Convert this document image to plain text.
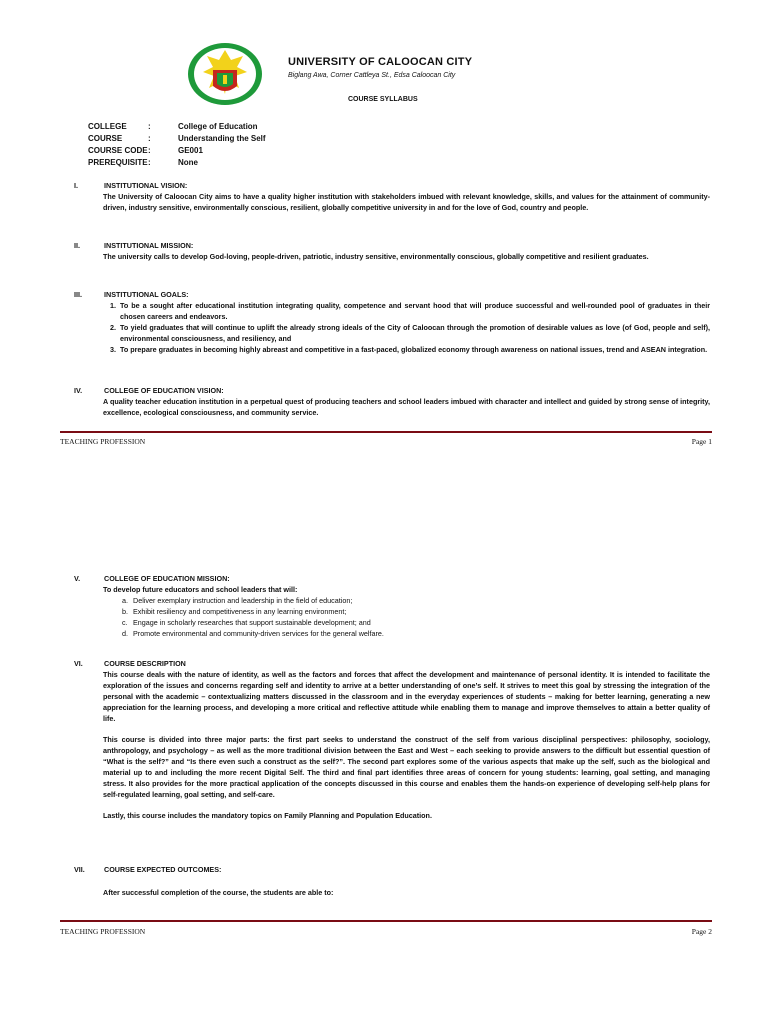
UNIVERSITY OF CALOOCAN CITY
Biglang Awa, Corner Cattleya St., Edsa Caloocan City
COURSE SYLLABUS
COLLEGE	:	College of Education
COURSE	:	Understanding the Self
COURSE CODE :	GE001
PREREQUISITE :	None
I.	INSTITUTIONAL VISION:
The University of Caloocan City aims to have a quality higher institution with stakeholders imbued with relevant knowledge, skills, and values for the attainment of community-driven, industry sensitive, environmentally conscious, resilient, globally competitive university in and for the love of God, country and people.
II.	INSTITUTIONAL MISSION:
The university calls to develop God-loving, people-driven, patriotic, industry sensitive, environmentally conscious, globally competitive and resilient graduates.
III.	INSTITUTIONAL GOALS:
1. To be a sought after educational institution integrating quality, competence and servant hood that will produce successful and well-rounded pool of graduates in their chosen careers and endeavors.
2. To yield graduates that will continue to uplift the already strong ideals of the City of Caloocan through the promotion of desirable values as love (of God, people and self), environmental consciousness, and resiliency, and
3. To prepare graduates in becoming highly abreast and competitive in a fast-paced, globalized economy through awareness on national issues, trend and ASEAN integration.
IV.	COLLEGE OF EDUCATION VISION:
A quality teacher education institution in a perpetual quest of producing teachers and school leaders imbued with character and intellect and guided by strong sense of integrity, excellence, ecological consciousness, and community service.
TEACHING PROFESSION	Page 1
V.	COLLEGE OF EDUCATION MISSION:
To develop future educators and school leaders that will:
a. Deliver exemplary instruction and leadership in the field of education;
b. Exhibit resiliency and competitiveness in any learning environment;
c. Engage in scholarly researches that support sustainable development; and
d. Promote environmental and community-driven services for the general welfare.
VI.	COURSE DESCRIPTION
This course deals with the nature of identity, as well as the factors and forces that affect the development and maintenance of personal identity. It is intended to facilitate the exploration of the issues and concerns regarding self and identity to arrive at a better understanding of one’s self. It strives to meet this goal by stressing the integration of the personal with the academic – contextualizing matters discussed in the classroom and in the everyday experiences of students – making for better learning, generating a new appreciation for the learning process, and developing a more critical and reflective attitude while enabling them to manage and improve themselves to attain a better quality of life.
This course is divided into three major parts: the first part seeks to understand the construct of the self from various disciplinal perspectives: philosophy, sociology, anthropology, and psychology – as well as the more traditional division between the East and West – each seeking to provide answers to the difficult but essential question of “What is the self?” and “Is there even such a construct as the self?”. The second part explores some of the various aspects that make up the self, such as the biological and material up to and including the more recent Digital Self. The third and final part identifies three areas of concern for young students: learning, goal setting, and managing stress. It also provides for the more practical application of the concepts discussed in this course and enables them the hands-on experience of developing self-help plans for self-regulated learning, goal setting, and self-care.
Lastly, this course includes the mandatory topics on Family Planning and Population Education.
VII.	COURSE EXPECTED OUTCOMES:
After successful completion of the course, the students are able to:
TEACHING PROFESSION	Page 2
